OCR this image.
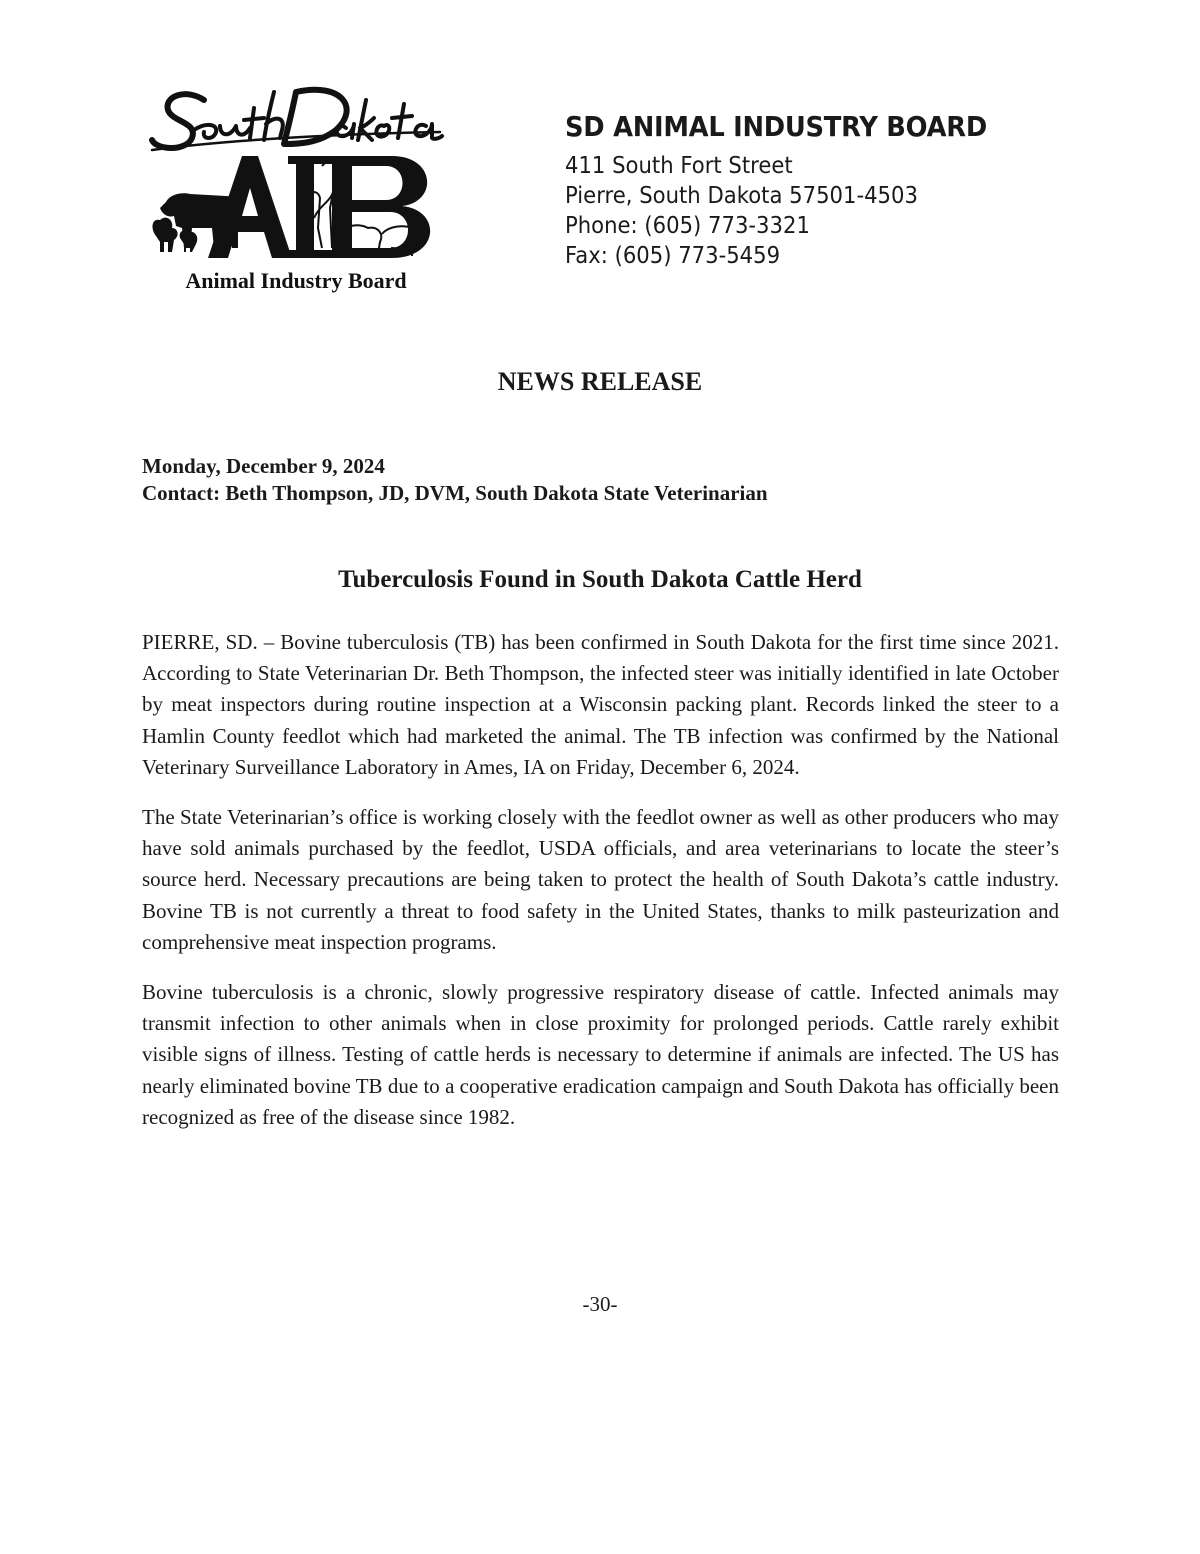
Animal Industry Board
SD ANIMAL INDUSTRY BOARD
411 South Fort Street
Pierre, South Dakota 57501-4503
Phone: (605) 773-3321
Fax: (605) 773-5459
NEWS RELEASE
Monday, December 9, 2024
Contact: Beth Thompson, JD, DVM, South Dakota State Veterinarian
Tuberculosis Found in South Dakota Cattle Herd

PIERRE, SD. – Bovine tuberculosis (TB) has been confirmed in South Dakota for the first time since 2021. According to State Veterinarian Dr. Beth Thompson, the infected steer was initially identified in late October by meat inspectors during routine inspection at a Wisconsin packing plant. Records linked the steer to a Hamlin County feedlot which had marketed the animal. The TB infection was confirmed by the National Veterinary Surveillance Laboratory in Ames, IA on Friday, December 6, 2024.

The State Veterinarian’s office is working closely with the feedlot owner as well as other producers who may have sold animals purchased by the feedlot, USDA officials, and area veterinarians to locate the steer’s source herd. Necessary precautions are being taken to protect the health of South Dakota’s cattle industry. Bovine TB is not currently a threat to food safety in the United States, thanks to milk pasteurization and comprehensive meat inspection programs.

Bovine tuberculosis is a chronic, slowly progressive respiratory disease of cattle. Infected animals may transmit infection to other animals when in close proximity for prolonged periods. Cattle rarely exhibit visible signs of illness. Testing of cattle herds is necessary to determine if animals are infected. The US has nearly eliminated bovine TB due to a cooperative eradication campaign and South Dakota has officially been recognized as free of the disease since 1982.

-30-
